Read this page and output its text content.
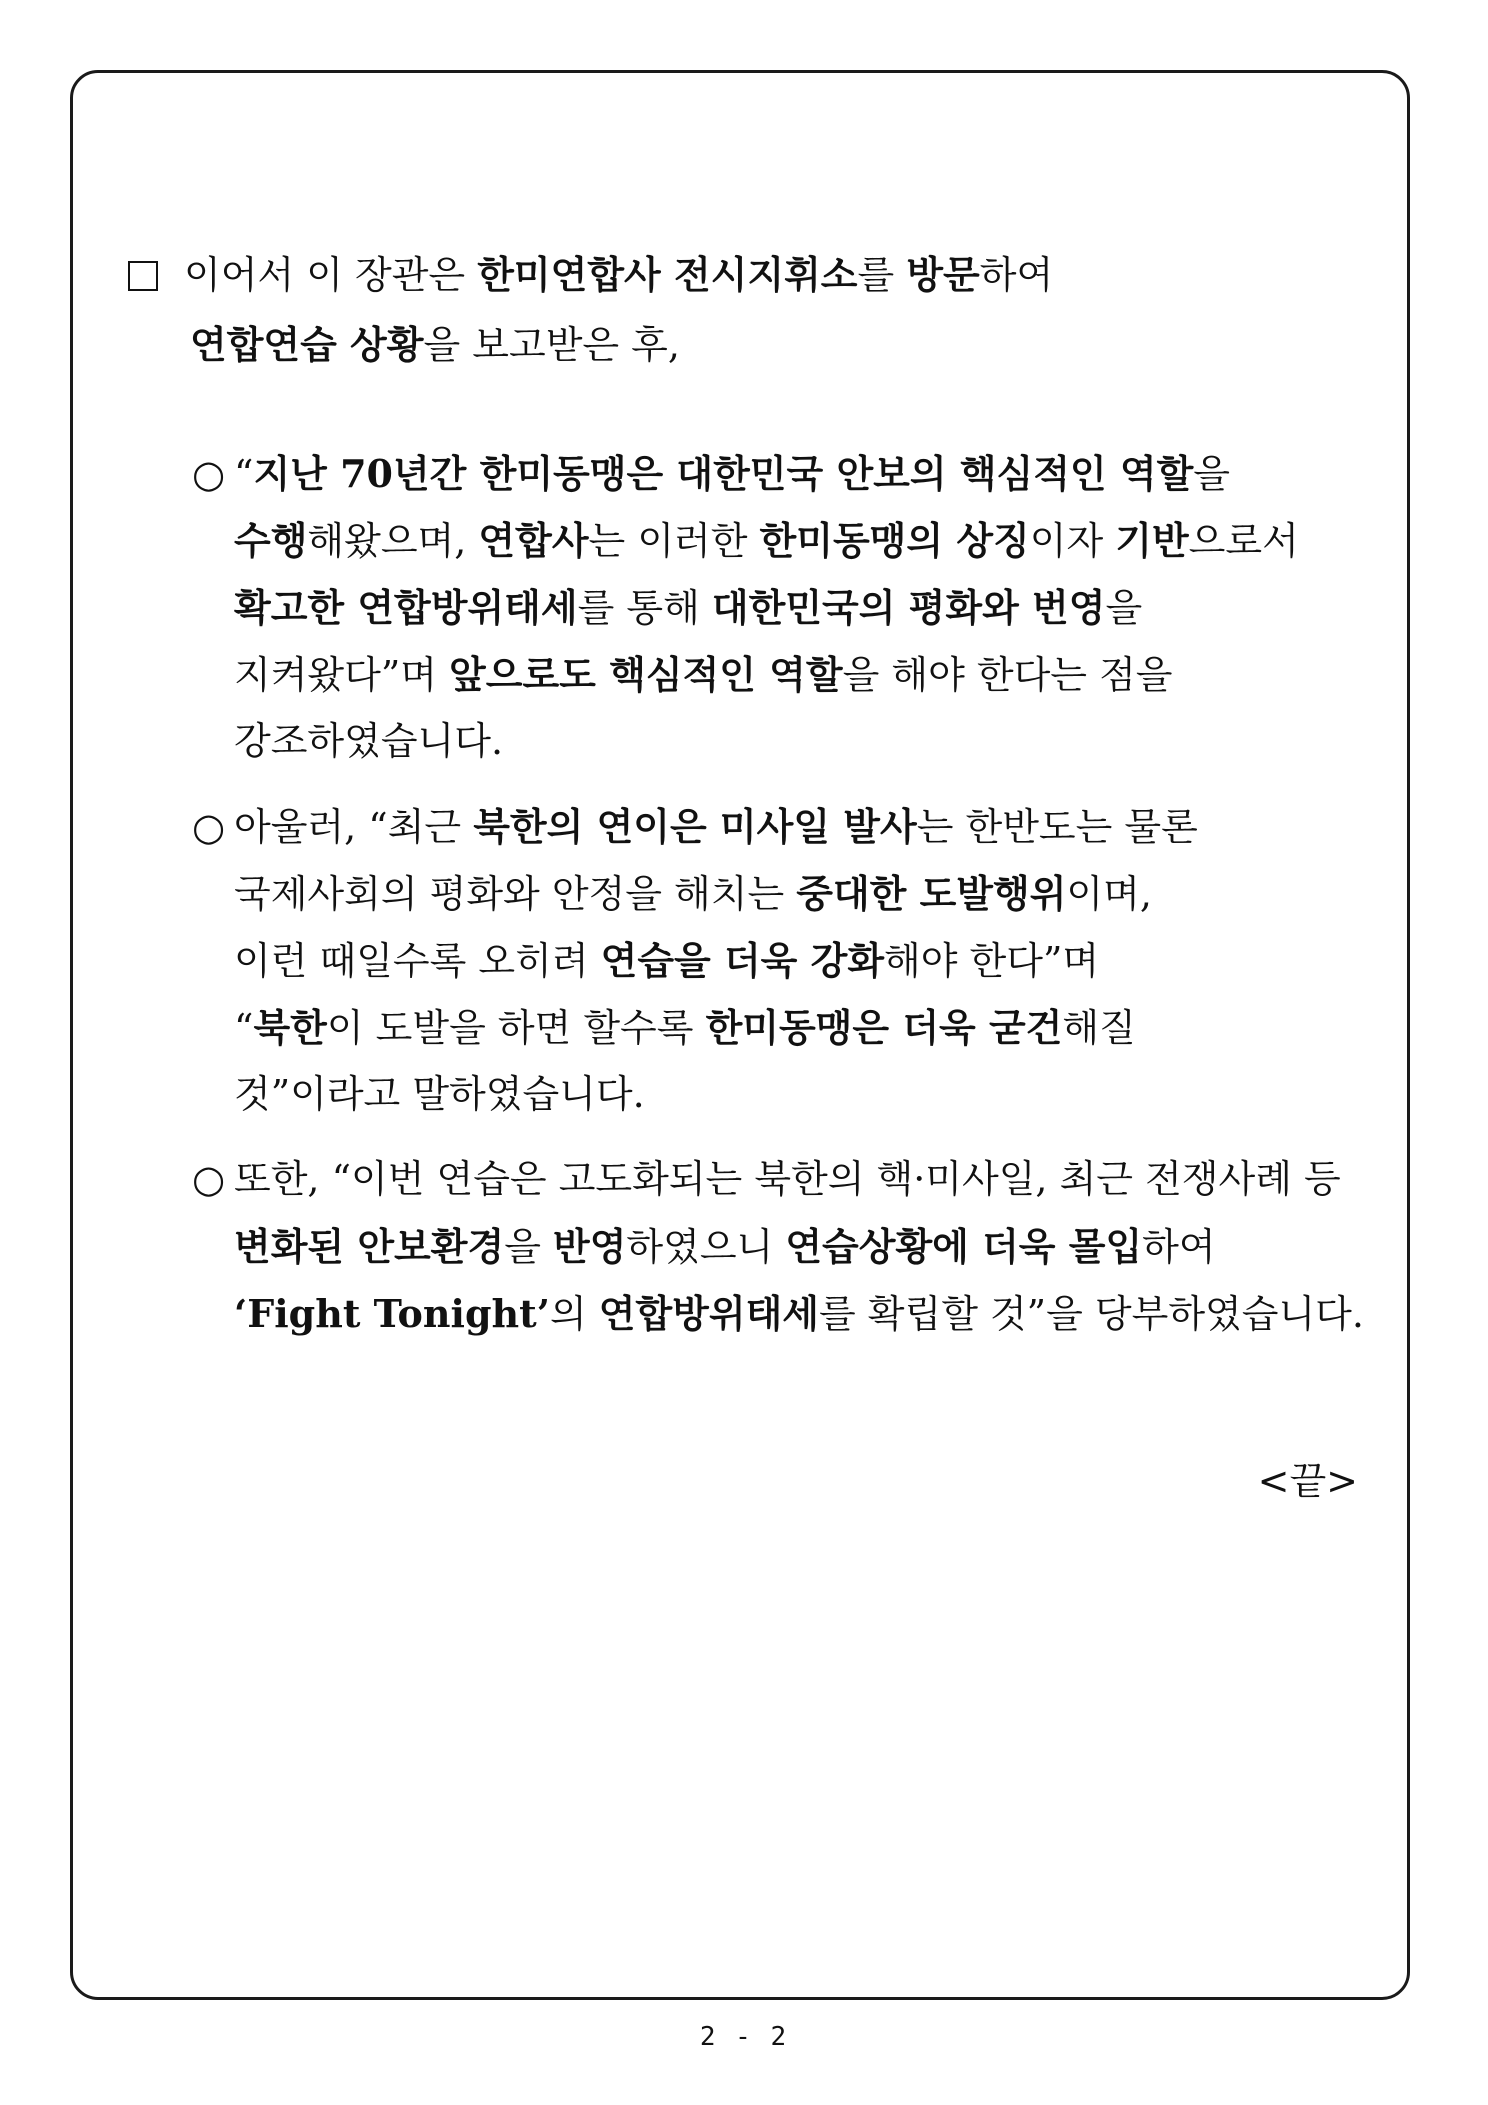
이어서 이 장관은 한미연합사 전시지휘소를 방문하여
연합연습 상황을 보고받은 후,
○ “지난 70년간 한미동맹은 대한민국 안보의 핵심적인 역할을
수행해왔으며, 연합사는 이러한 한미동맹의 상징이자 기반으로서
확고한 연합방위태세를 통해 대한민국의 평화와 번영을
지켜왔다”며 앞으로도 핵심적인 역할을 해야 한다는 점을
강조하였습니다.
○ 아울러, “최근 북한의 연이은 미사일 발사는 한반도는 물론
국제사회의 평화와 안정을 해치는 중대한 도발행위이며,
이런 때일수록 오히려 연습을 더욱 강화해야 한다”며
“북한이 도발을 하면 할수록 한미동맹은 더욱 굳건해질
것”이라고 말하였습니다.
○ 또한, “이번 연습은 고도화되는 북한의 핵·미사일, 최근 전쟁사례 등
변화된 안보환경을 반영하였으니 연습상황에 더욱 몰입하여
‘Fight Tonight’의 연합방위태세를 확립할 것”을 당부하였습니다.
<끝>
2 - 2
